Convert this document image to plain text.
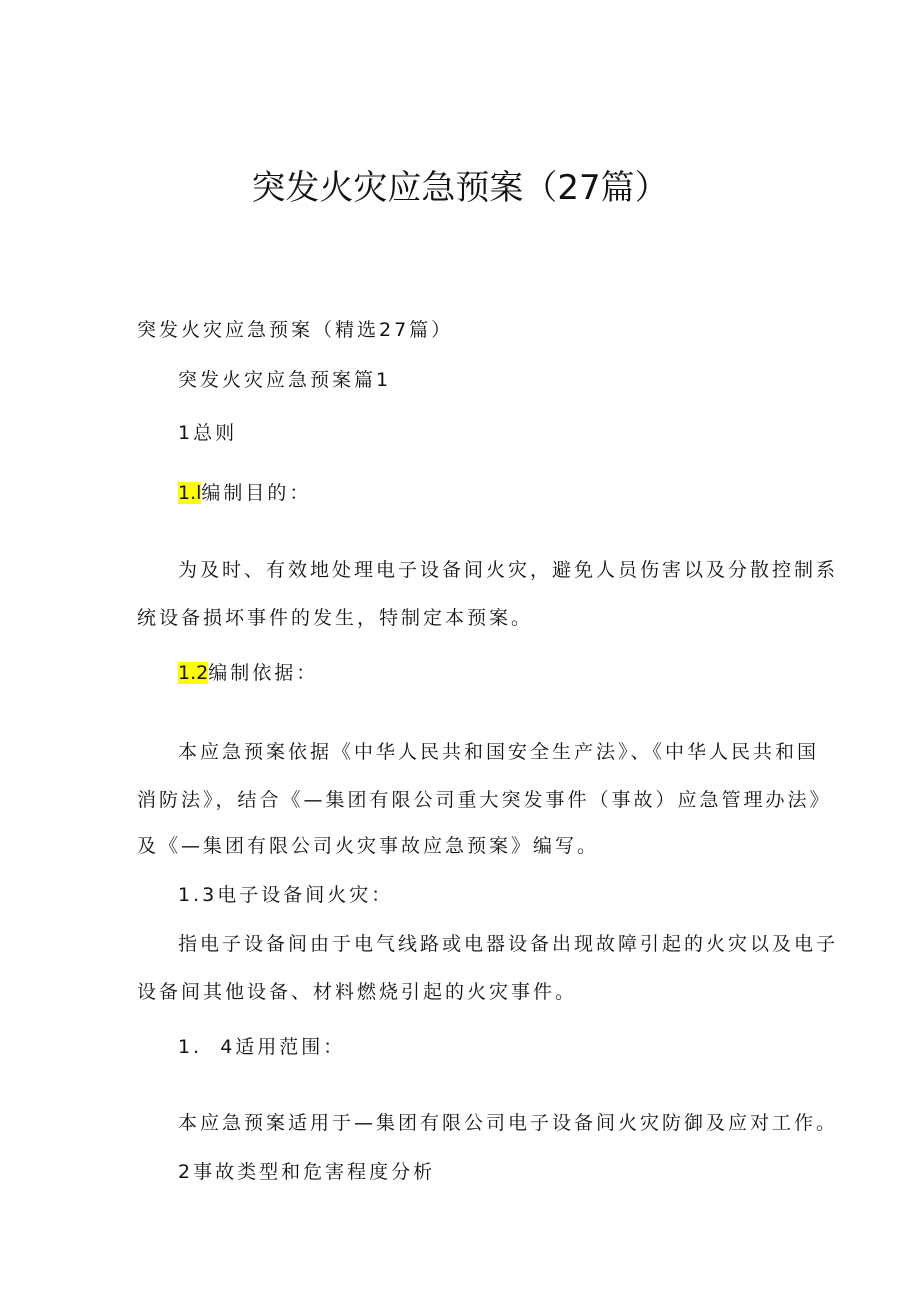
突发火灾应急预案（27篇）
突发火灾应急预案（精选27篇）
突发火灾应急预案篇1
1总则
1.l编制目的：
为及时、有效地处理电子设备间火灾，避免人员伤害以及分散控制系
统设备损坏事件的发生，特制定本预案。
1.2编制依据：
本应急预案依据《中华人民共和国安全生产法》、《中华人民共和国
消防法》，结合《—集团有限公司重大突发事件（事故）应急管理办法》
及《—集团有限公司火灾事故应急预案》编写。
1.3电子设备间火灾：
指电子设备间由于电气线路或电器设备出现故障引起的火灾以及电子
设备间其他设备、材料燃烧引起的火灾事件。
1.  4适用范围：
本应急预案适用于—集团有限公司电子设备间火灾防御及应对工作。
2事故类型和危害程度分析
